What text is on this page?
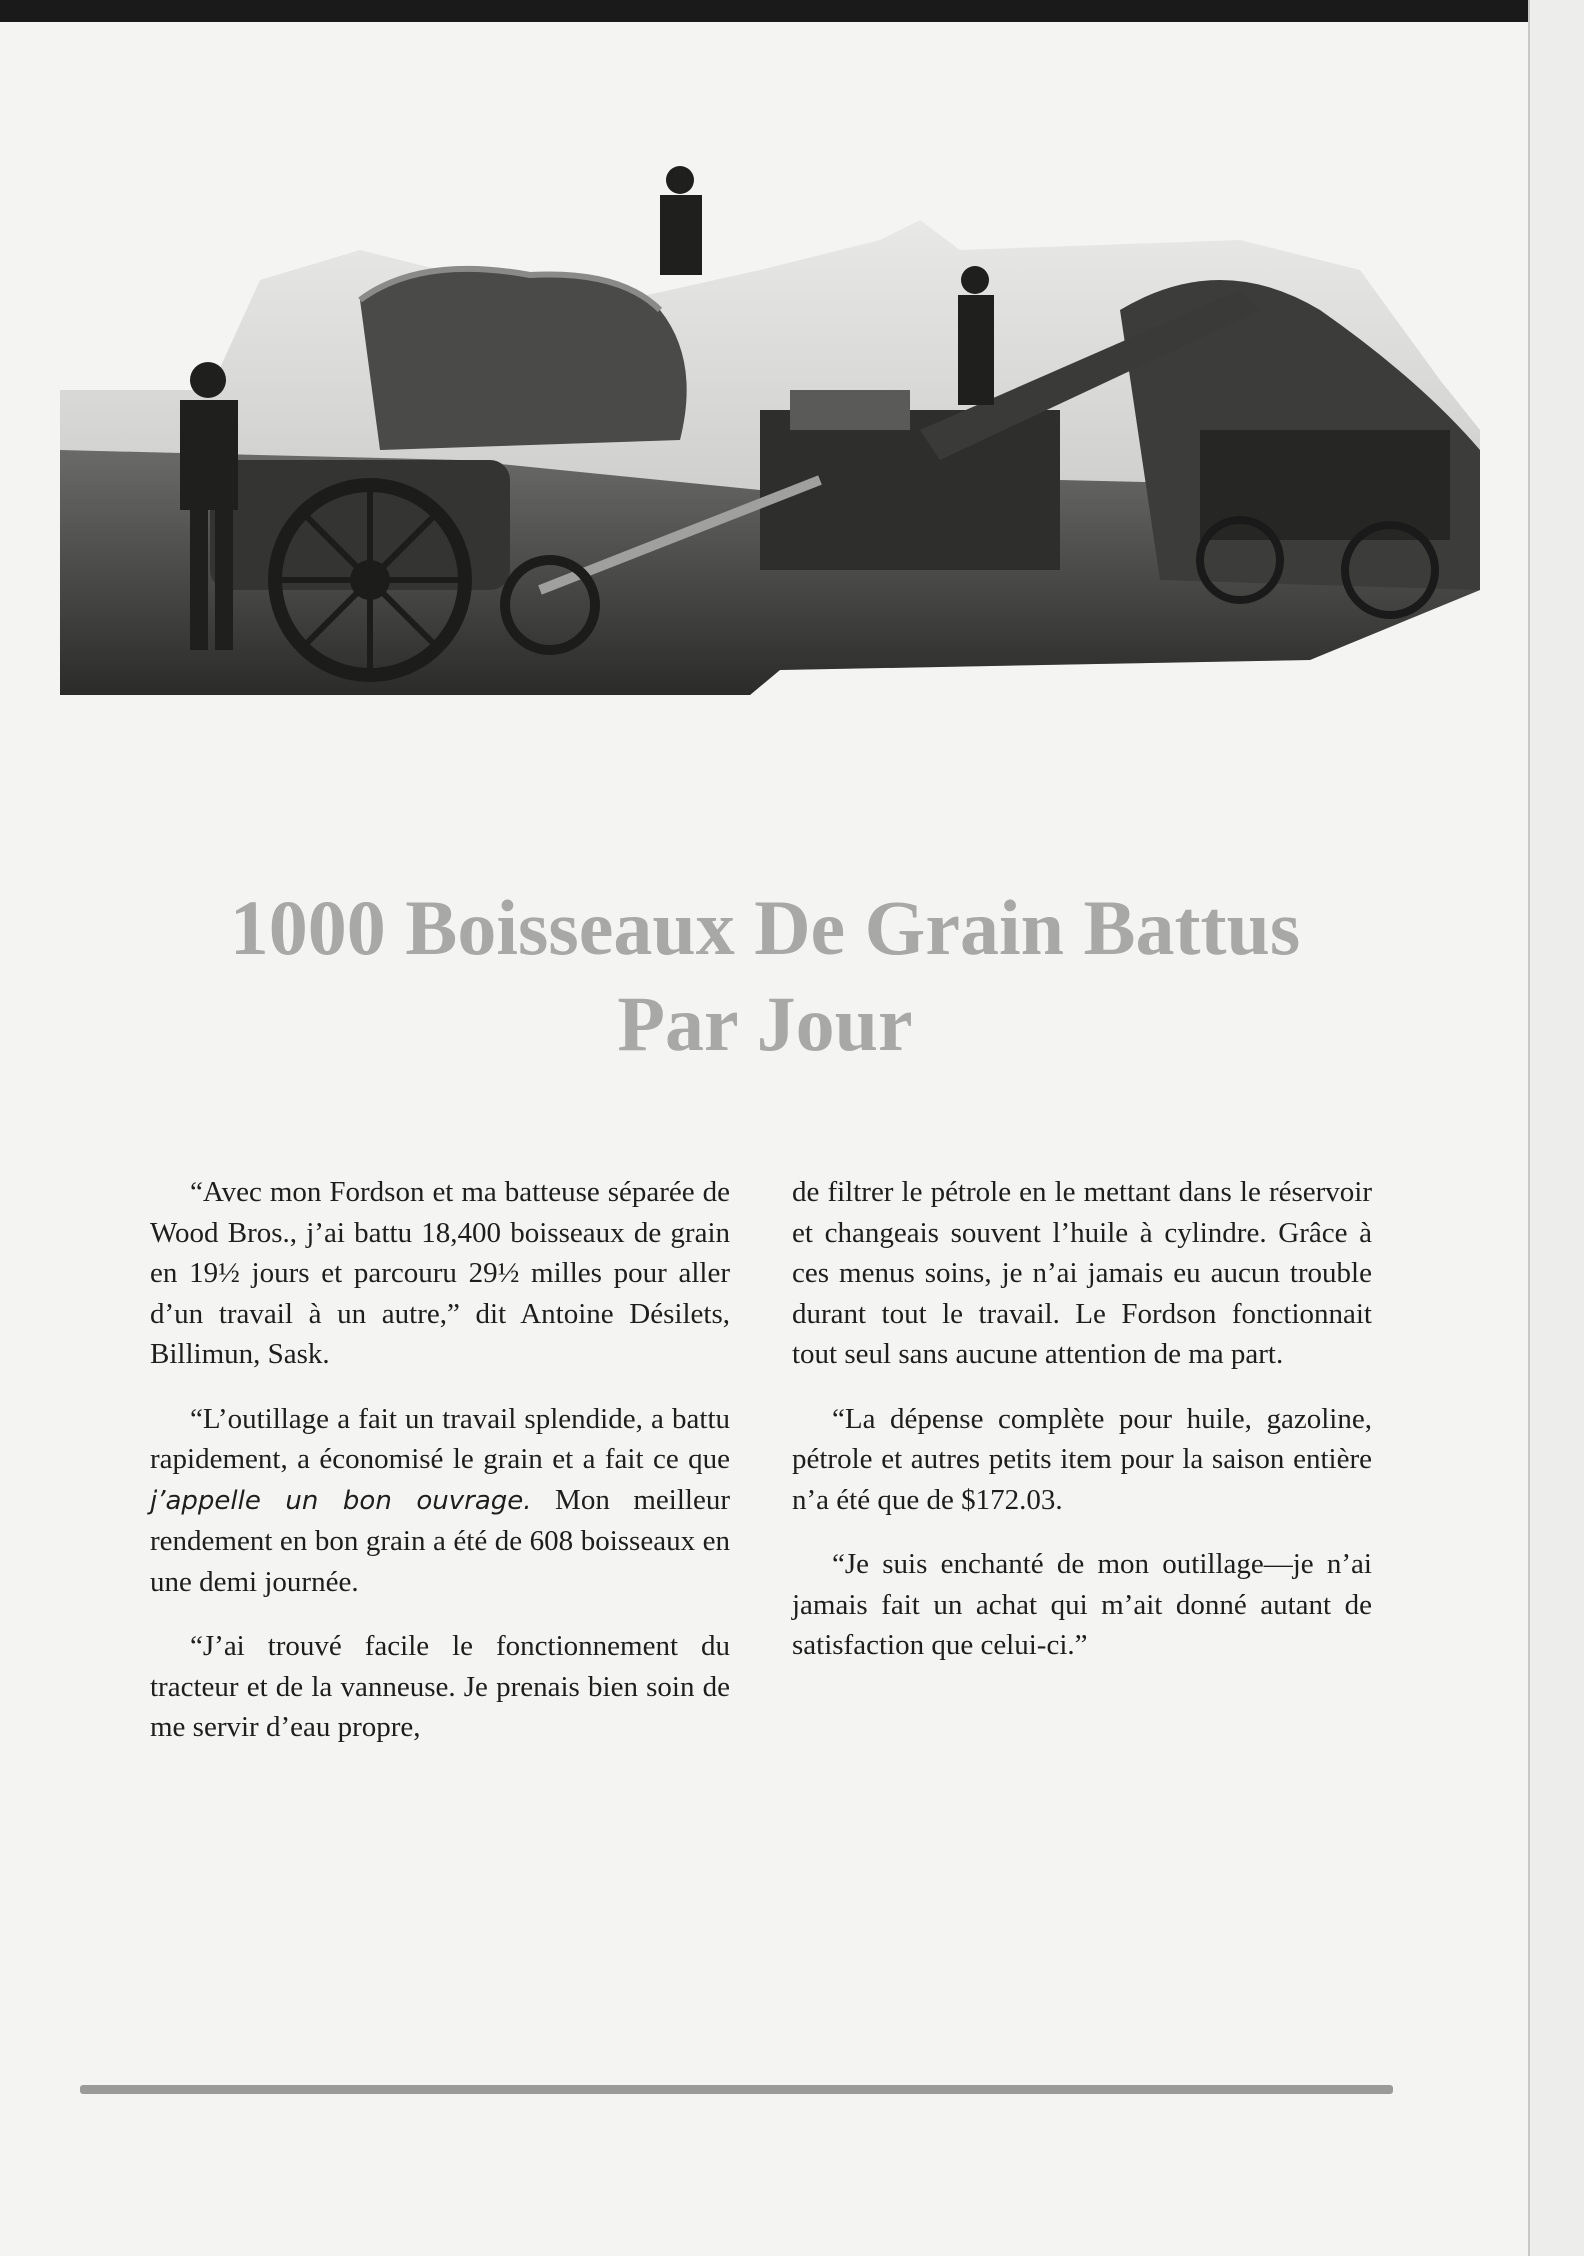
1000 Boisseaux De Grain Battus
Par Jour

“Avec mon Fordson et ma batteuse séparée de Wood Bros., j’ai battu 18,400 boisseaux de grain en 19½ jours et parcouru 29½ milles pour aller d’un travail à un autre,” dit Antoine Désilets, Billimun, Sask.

“L’outillage a fait un travail splendide, a battu rapidement, a économisé le grain et a fait ce que j’appelle un bon ouvrage. Mon meilleur rendement en bon grain a été de 608 boisseaux en une demi journée.

“J’ai trouvé facile le fonctionnement du tracteur et de la vanneuse. Je prenais bien soin de me servir d’eau propre,

de filtrer le pétrole en le mettant dans le réservoir et changeais souvent l’huile à cylindre. Grâce à ces menus soins, je n’ai jamais eu aucun trouble durant tout le travail. Le Fordson fonctionnait tout seul sans aucune attention de ma part.

“La dépense complète pour huile, gazoline, pétrole et autres petits item pour la saison entière n’a été que de $172.03.

“Je suis enchanté de mon outillage—je n’ai jamais fait un achat qui m’ait donné autant de satisfaction que celui-ci.”
